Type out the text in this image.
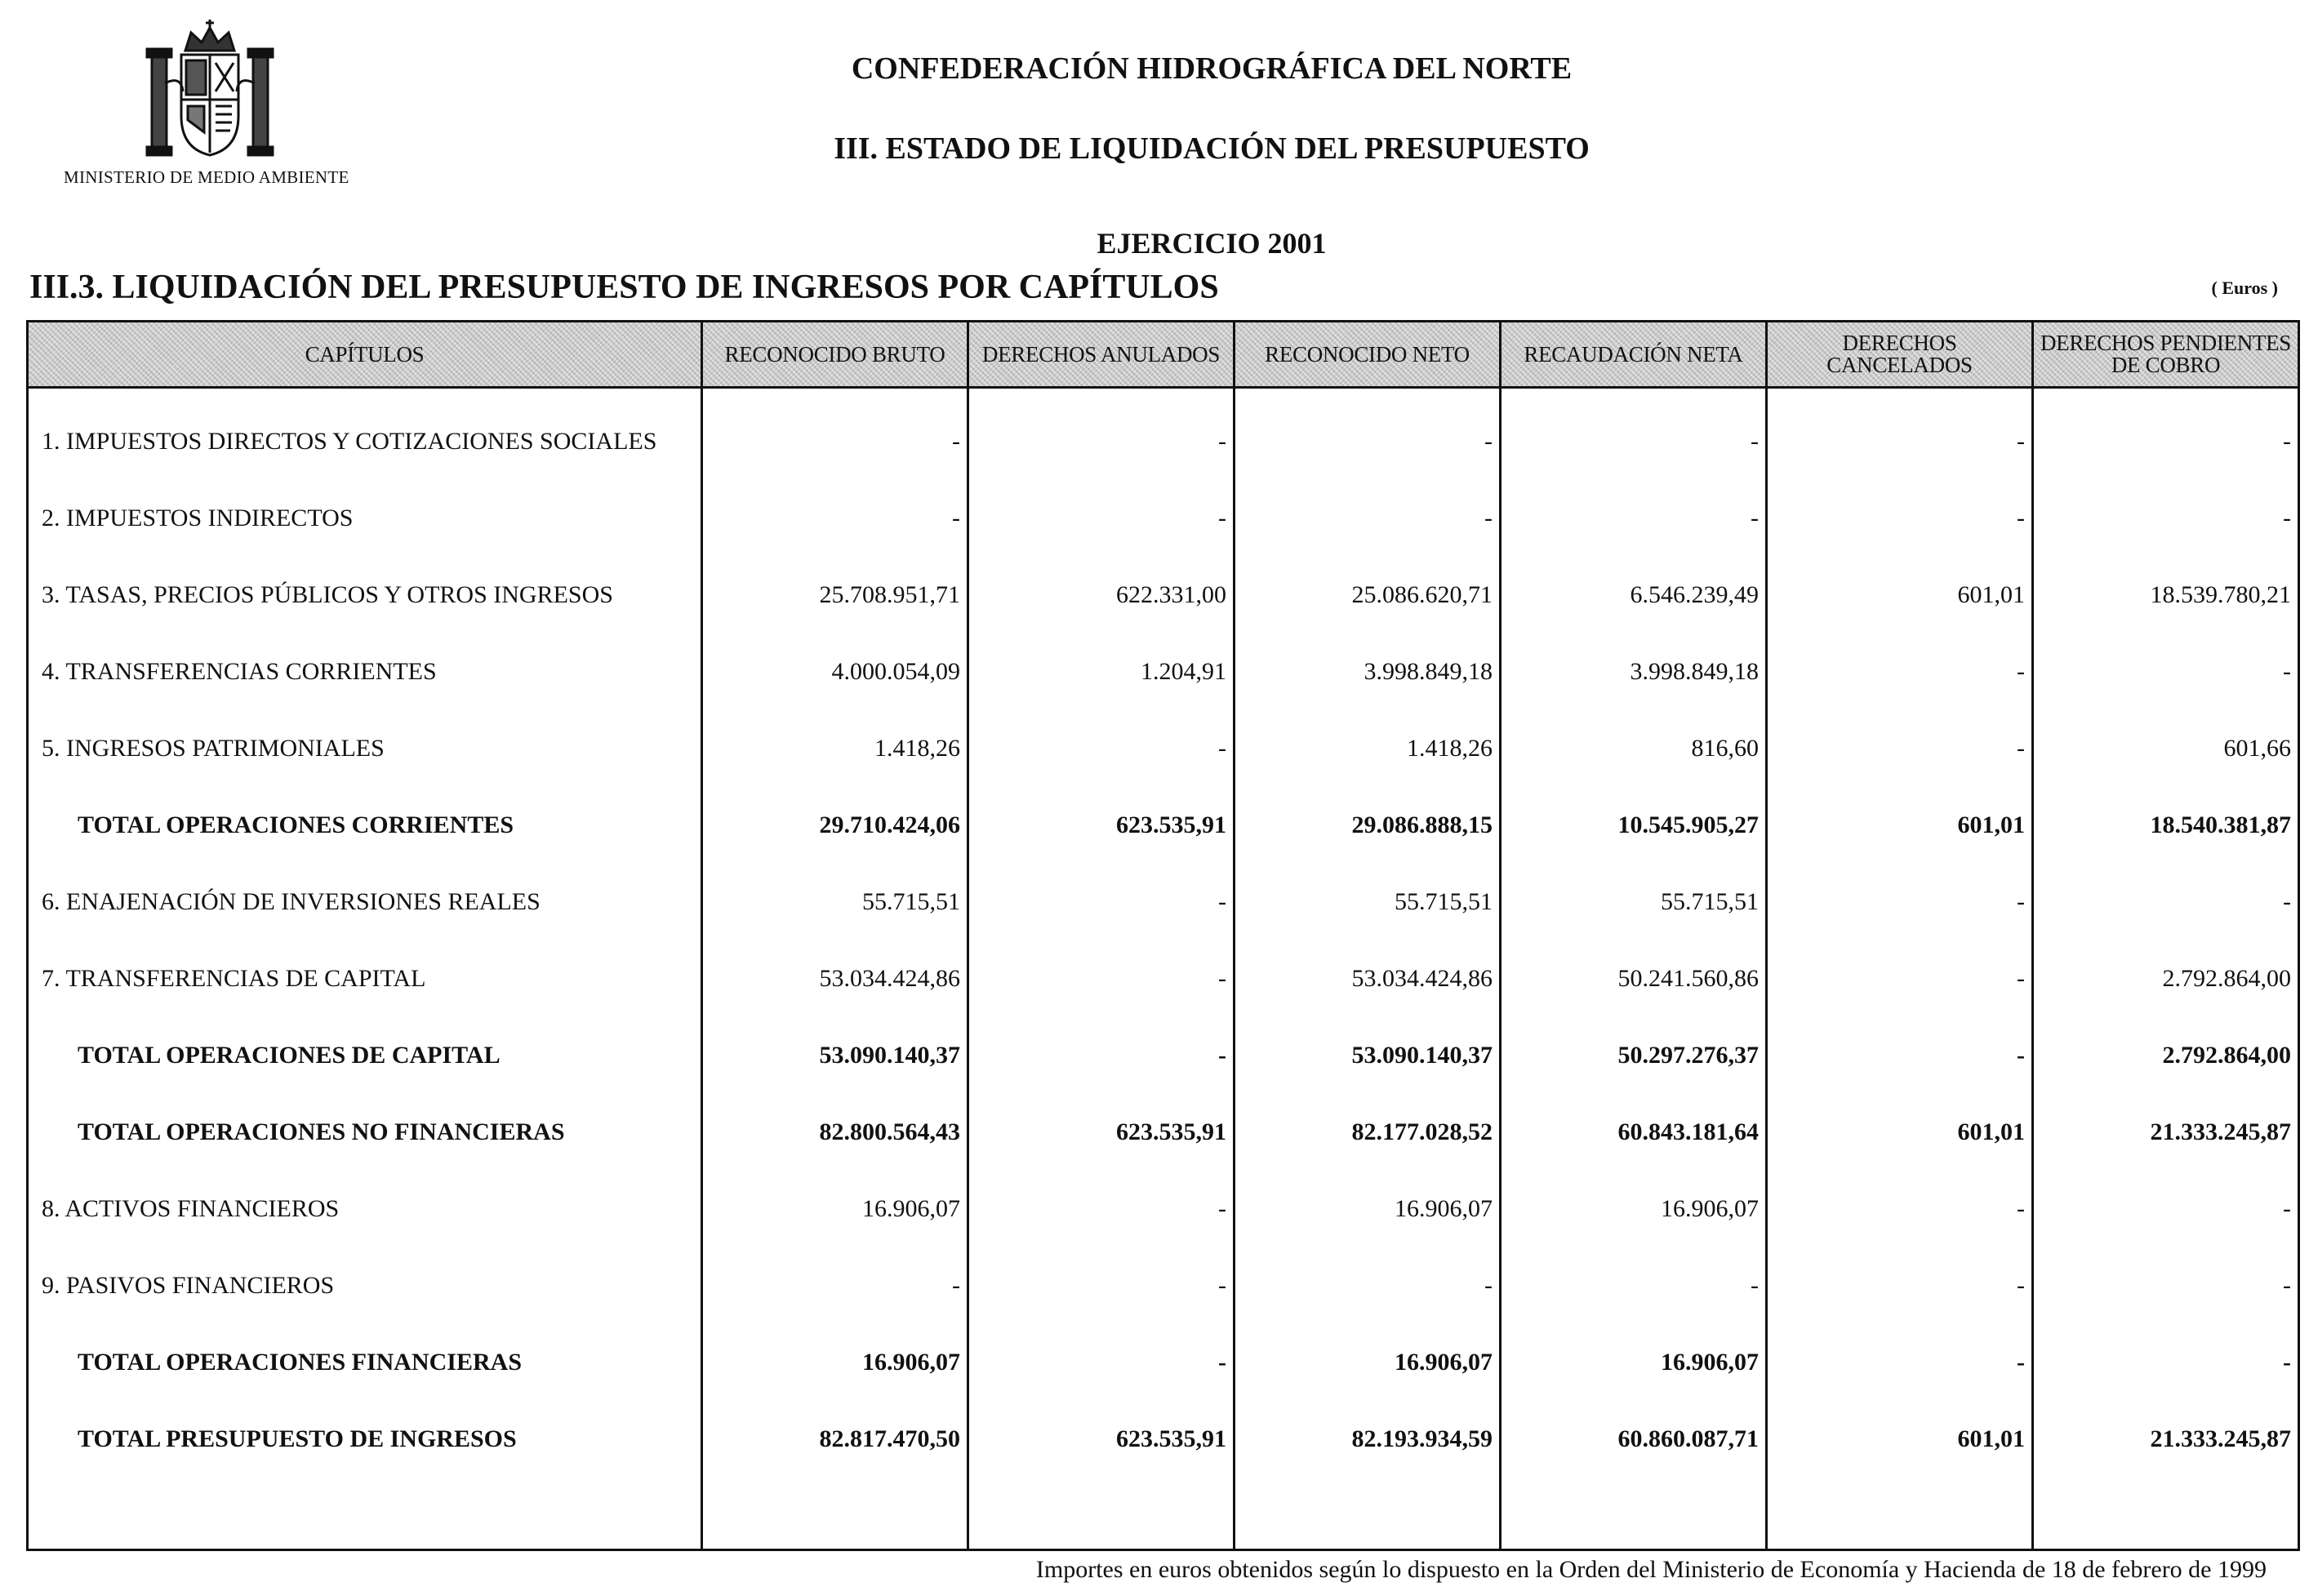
MINISTERIO DE MEDIO AMBIENTE
CONFEDERACIÓN HIDROGRÁFICA DEL NORTE
III. ESTADO DE LIQUIDACIÓN DEL PRESUPUESTO
EJERCICIO 2001
III.3. LIQUIDACIÓN DEL PRESUPUESTO DE INGRESOS POR CAPÍTULOS	( Euros )
CAPÍTULOS	RECONOCIDO BRUTO	DERECHOS ANULADOS	RECONOCIDO NETO	RECAUDACIÓN NETA	DERECHOS CANCELADOS	DERECHOS PENDIENTES DE COBRO
1. IMPUESTOS DIRECTOS Y COTIZACIONES SOCIALES	-	-	-	-	-	-
2. IMPUESTOS INDIRECTOS	-	-	-	-	-	-
3. TASAS, PRECIOS PÚBLICOS Y OTROS INGRESOS	25.708.951,71	622.331,00	25.086.620,71	6.546.239,49	601,01	18.539.780,21
4. TRANSFERENCIAS CORRIENTES	4.000.054,09	1.204,91	3.998.849,18	3.998.849,18	-	-
5. INGRESOS PATRIMONIALES	1.418,26	-	1.418,26	816,60	-	601,66
TOTAL OPERACIONES CORRIENTES	29.710.424,06	623.535,91	29.086.888,15	10.545.905,27	601,01	18.540.381,87
6. ENAJENACIÓN DE INVERSIONES REALES	55.715,51	-	55.715,51	55.715,51	-	-
7. TRANSFERENCIAS DE CAPITAL	53.034.424,86	-	53.034.424,86	50.241.560,86	-	2.792.864,00
TOTAL OPERACIONES DE CAPITAL	53.090.140,37	-	53.090.140,37	50.297.276,37	-	2.792.864,00
TOTAL OPERACIONES NO FINANCIERAS	82.800.564,43	623.535,91	82.177.028,52	60.843.181,64	601,01	21.333.245,87
8. ACTIVOS FINANCIEROS	16.906,07	-	16.906,07	16.906,07	-	-
9. PASIVOS FINANCIEROS	-	-	-	-	-	-
TOTAL OPERACIONES FINANCIERAS	16.906,07	-	16.906,07	16.906,07	-	-
TOTAL PRESUPUESTO DE INGRESOS	82.817.470,50	623.535,91	82.193.934,59	60.860.087,71	601,01	21.333.245,87

Importes en euros obtenidos según lo dispuesto en la Orden del Ministerio de Economía y Hacienda de 18 de febrero de 1999
